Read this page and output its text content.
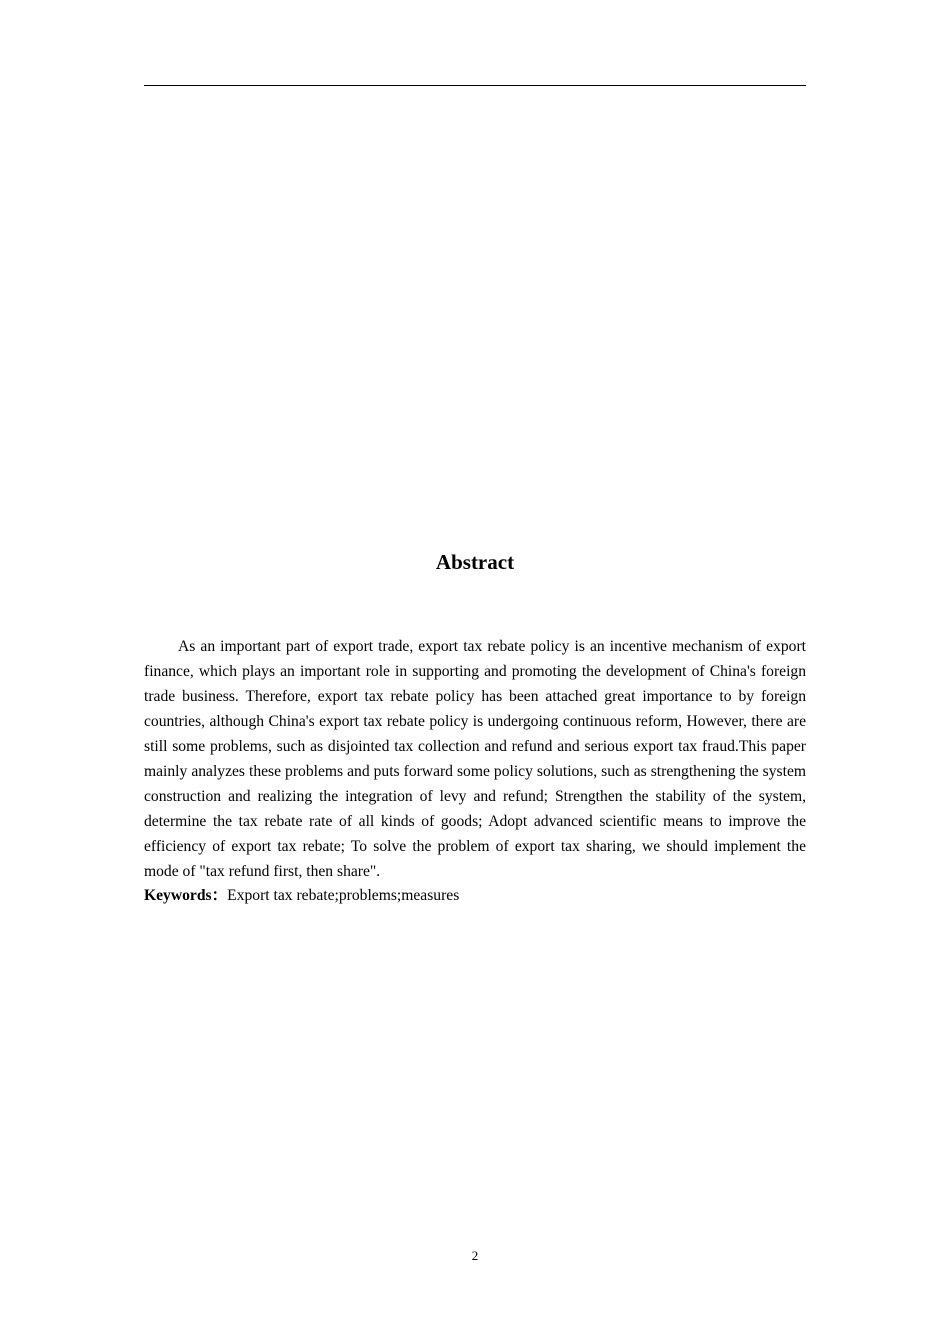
Abstract

As an important part of export trade, export tax rebate policy is an incentive mechanism of export finance, which plays an important role in supporting and promoting the development of China's foreign trade business. Therefore, export tax rebate policy has been attached great importance to by foreign countries, although China's export tax rebate policy is undergoing continuous reform, However, there are still some problems, such as disjointed tax collection and refund and serious export tax fraud.This paper mainly analyzes these problems and puts forward some policy solutions, such as strengthening the system construction and realizing the integration of levy and refund; Strengthen the stability of the system, determine the tax rebate rate of all kinds of goods; Adopt advanced scientific means to improve the efficiency of export tax rebate; To solve the problem of export tax sharing, we should implement the mode of "tax refund first, then share".

Keywords：Export tax rebate;problems;measures

2
